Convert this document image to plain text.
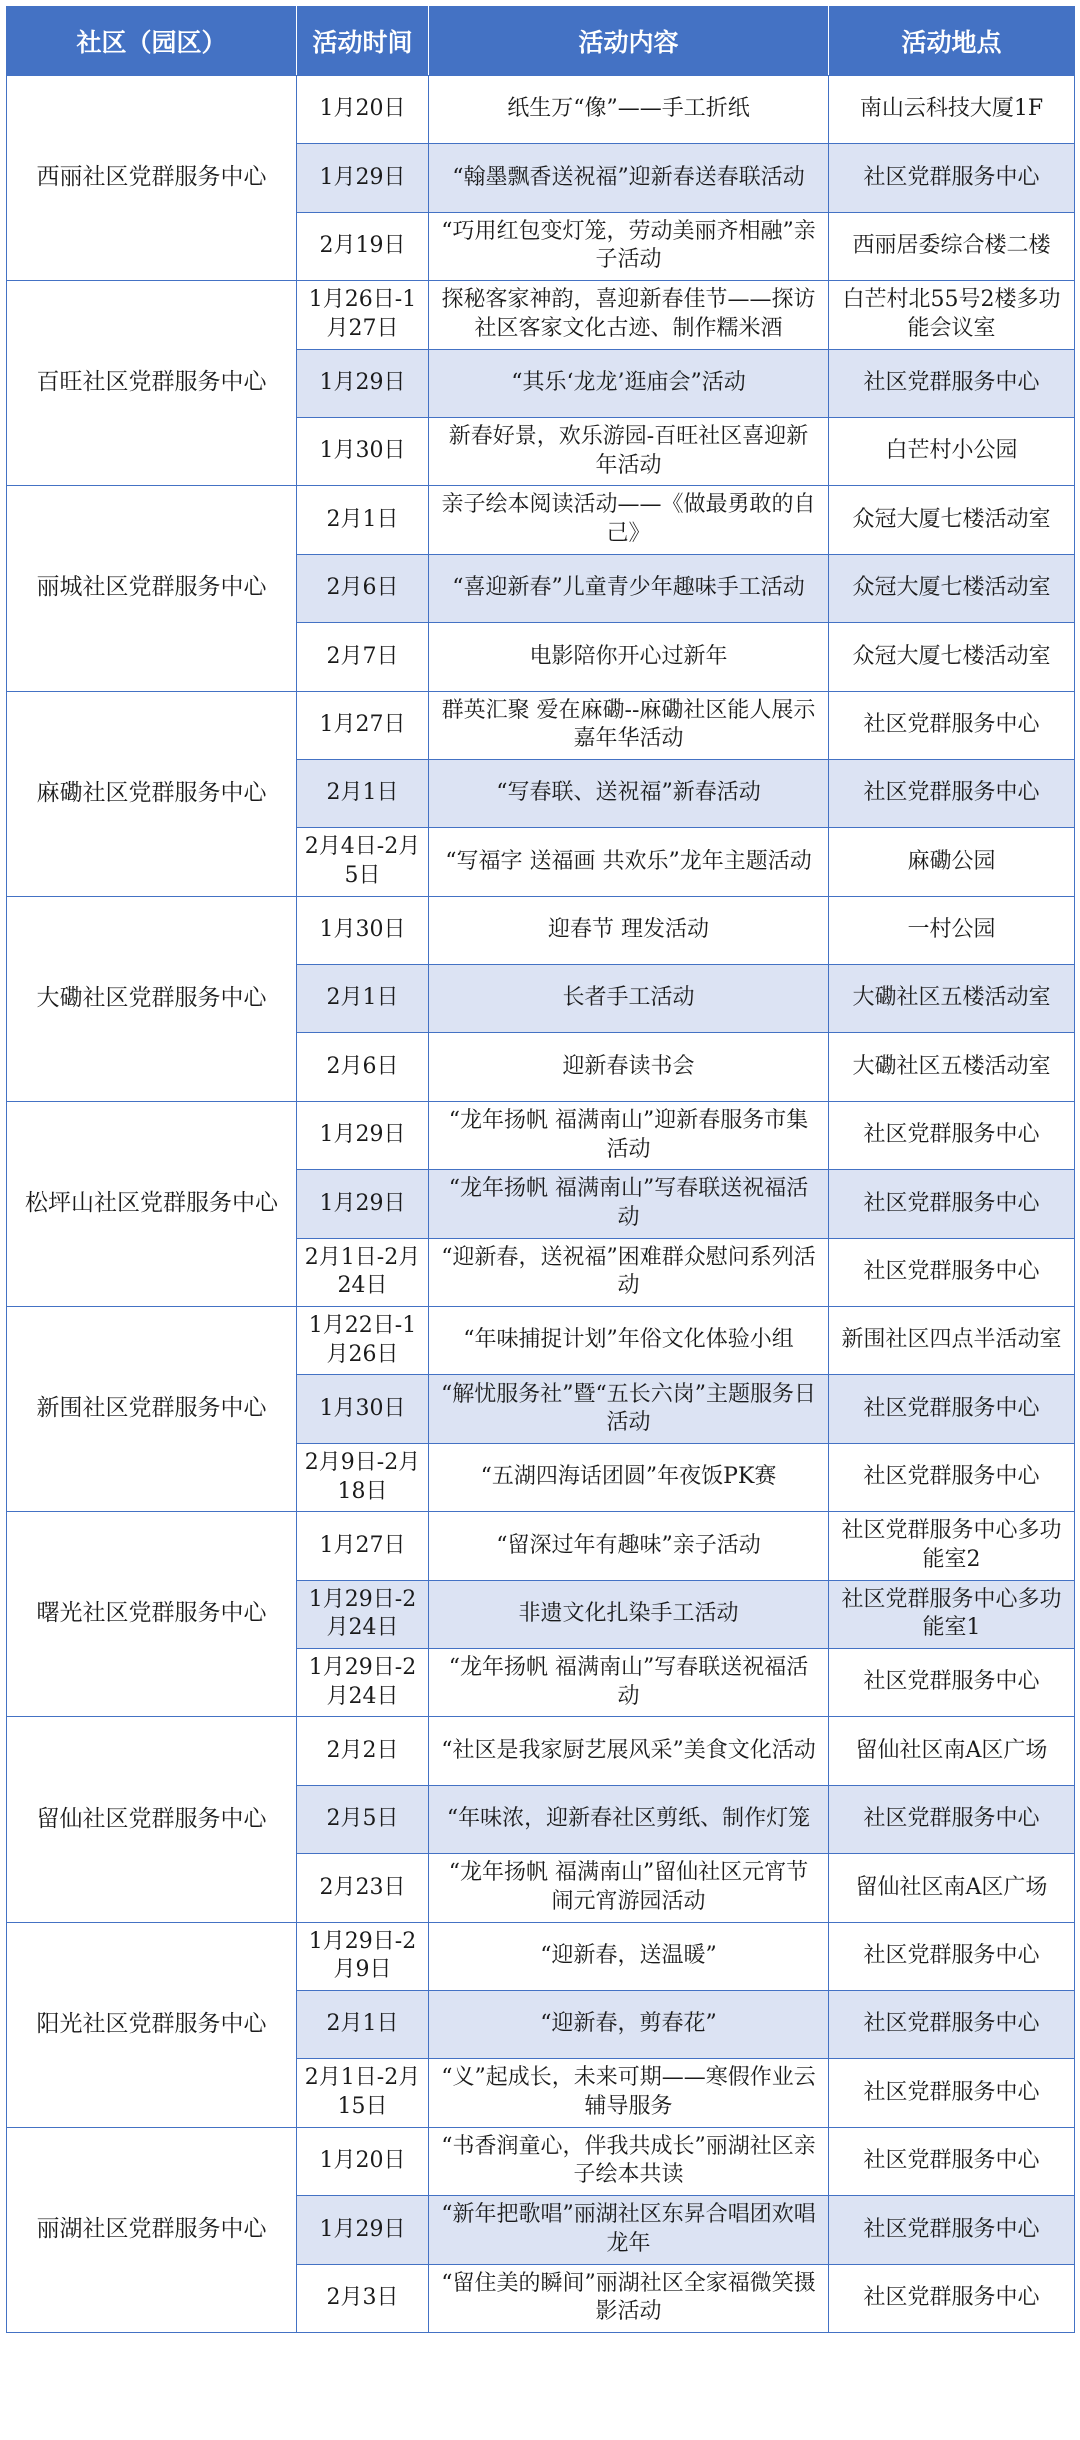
社区（园区）	活动时间	活动内容	活动地点
西丽社区党群服务中心	1月20日	纸生万“像”——手工折纸	南山云科技大厦1F
	1月29日	“翰墨飘香送祝福”迎新春送春联活动	社区党群服务中心
	2月19日	“巧用红包变灯笼，劳动美丽齐相融”亲子活动	西丽居委综合楼二楼
百旺社区党群服务中心	1月26日-1月27日	探秘客家神韵，喜迎新春佳节——探访社区客家文化古迹、制作糯米酒	白芒村北55号2楼多功能会议室
	1月29日	“其乐‘龙龙’逛庙会”活动	社区党群服务中心
	1月30日	新春好景，欢乐游园-百旺社区喜迎新年活动	白芒村小公园
丽城社区党群服务中心	2月1日	亲子绘本阅读活动——《做最勇敢的自己》	众冠大厦七楼活动室
	2月6日	“喜迎新春”儿童青少年趣味手工活动	众冠大厦七楼活动室
	2月7日	电影陪你开心过新年	众冠大厦七楼活动室
麻磡社区党群服务中心	1月27日	群英汇聚 爱在麻磡--麻磡社区能人展示嘉年华活动	社区党群服务中心
	2月1日	“写春联、送祝福”新春活动	社区党群服务中心
	2月4日-2月5日	“写福字 送福画 共欢乐”龙年主题活动	麻磡公园
大磡社区党群服务中心	1月30日	迎春节 理发活动	一村公园
	2月1日	长者手工活动	大磡社区五楼活动室
	2月6日	迎新春读书会	大磡社区五楼活动室
松坪山社区党群服务中心	1月29日	“龙年扬帆 福满南山”迎新春服务市集活动	社区党群服务中心
	1月29日	“龙年扬帆 福满南山”写春联送祝福活动	社区党群服务中心
	2月1日-2月24日	“迎新春，送祝福”困难群众慰问系列活动	社区党群服务中心
新围社区党群服务中心	1月22日-1月26日	“年味捕捉计划”年俗文化体验小组	新围社区四点半活动室
	1月30日	“解忧服务社”暨“五长六岗”主题服务日活动	社区党群服务中心
	2月9日-2月18日	“五湖四海话团圆”年夜饭PK赛	社区党群服务中心
曙光社区党群服务中心	1月27日	“留深过年有趣味”亲子活动	社区党群服务中心多功能室2
	1月29日-2月24日	非遗文化扎染手工活动	社区党群服务中心多功能室1
	1月29日-2月24日	“龙年扬帆 福满南山”写春联送祝福活动	社区党群服务中心
留仙社区党群服务中心	2月2日	“社区是我家厨艺展风采”美食文化活动	留仙社区南A区广场
	2月5日	“年味浓，迎新春社区剪纸、制作灯笼	社区党群服务中心
	2月23日	“龙年扬帆 福满南山”留仙社区元宵节闹元宵游园活动	留仙社区南A区广场
阳光社区党群服务中心	1月29日-2月9日	“迎新春，送温暖”	社区党群服务中心
	2月1日	“迎新春，剪春花”	社区党群服务中心
	2月1日-2月15日	“义”起成长，未来可期——寒假作业云辅导服务	社区党群服务中心
丽湖社区党群服务中心	1月20日	“书香润童心，伴我共成长”丽湖社区亲子绘本共读	社区党群服务中心
	1月29日	“新年把歌唱”丽湖社区东昇合唱团欢唱龙年	社区党群服务中心
	2月3日	“留住美的瞬间”丽湖社区全家福微笑摄影活动	社区党群服务中心
